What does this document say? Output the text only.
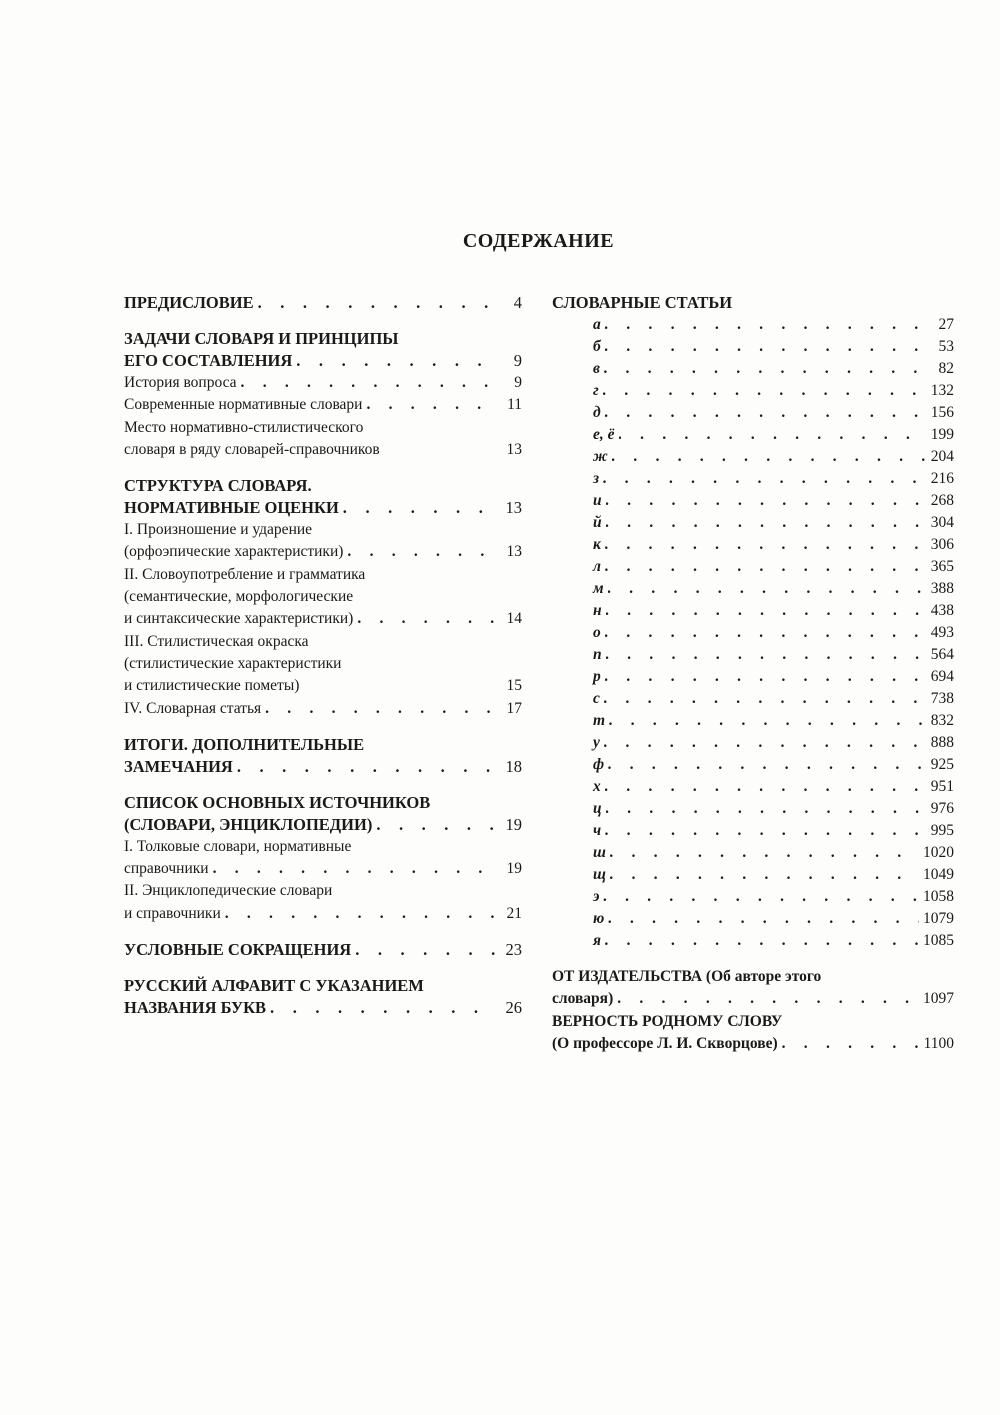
СОДЕРЖАНИЕ
ПРЕДИСЛОВИЕ . . .	4
ЗАДАЧИ СЛОВАРЯ И ПРИНЦИПЫ
ЕГО СОСТАВЛЕНИЯ . . .	9
История вопроса . . .	9
Современные нормативные словари . . .	11
Место нормативно-стилистического
словаря в ряду словарей-справочников	13
СТРУКТУРА СЛОВАРЯ.
НОРМАТИВНЫЕ ОЦЕНКИ . . .	13
I. Произношение и ударение
(орфоэпические характеристики) . . .	13
II. Словоупотребление и грамматика
(семантические, морфологические
и синтаксические характеристики) . . .	14
III. Стилистическая окраска
(стилистические характеристики
и стилистические пометы)	15
IV. Словарная статья . . .	17
ИТОГИ. ДОПОЛНИТЕЛЬНЫЕ
ЗАМЕЧАНИЯ . . .	18
СПИСОК ОСНОВНЫХ ИСТОЧНИКОВ
(СЛОВАРИ, ЭНЦИКЛОПЕДИИ) . . .	19
I. Толковые словари, нормативные
справочники . . .	19
II. Энциклопедические словари
и справочники . . .	21
УСЛОВНЫЕ СОКРАЩЕНИЯ . . .	23
РУССКИЙ АЛФАВИТ С УКАЗАНИЕМ
НАЗВАНИЯ БУКВ . . .	26
СЛОВАРНЫЕ СТАТЬИ
а . . .	27
б . . .	53
в . . .	82
г . . .	132
д . . .	156
е, ё . . .	199
ж . . .	204
з . . .	216
и . . .	268
й . . .	304
к . . .	306
л . . .	365
м . . .	388
н . . .	438
о . . .	493
п . . .	564
р . . .	694
с . . .	738
т . . .	832
у . . .	888
ф . . .	925
х . . .	951
ц . . .	976
ч . . .	995
ш . . .	1020
щ . . .	1049
э . . .	1058
ю . . .	1079
я . . .	1085
ОТ ИЗДАТЕЛЬСТВА (Об авторе этого
словаря) . . .	1097
ВЕРНОСТЬ РОДНОМУ СЛОВУ
(О профессоре Л. И. Скворцове) . . .	1100
